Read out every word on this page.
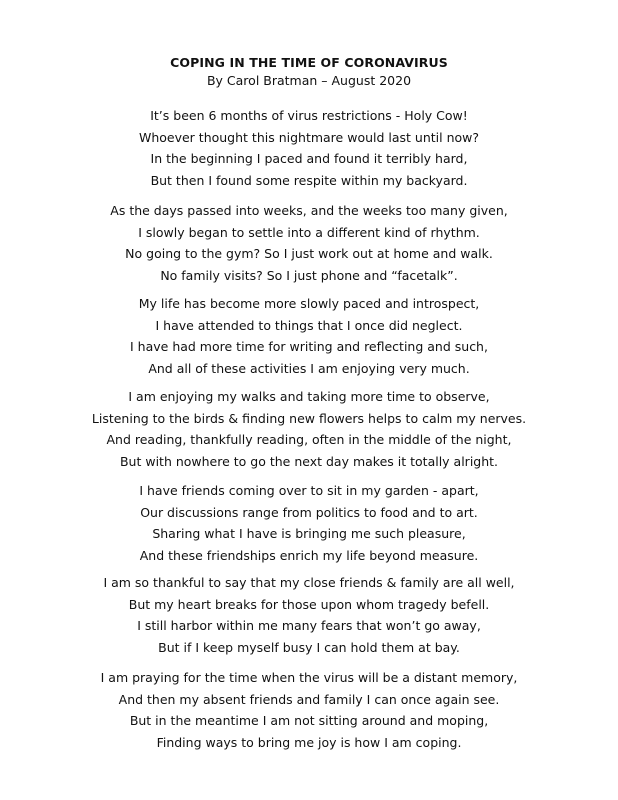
COPING IN THE TIME OF CORONAVIRUS
By Carol Bratman – August 2020
It’s been 6 months of virus restrictions - Holy Cow!
Whoever thought this nightmare would last until now?
In the beginning I paced and found it terribly hard,
But then I found some respite within my backyard.
As the days passed into weeks, and the weeks too many given,
I slowly began to settle into a different kind of rhythm.
No going to the gym? So I just work out at home and walk.
No family visits? So I just phone and “facetalk”.
My life has become more slowly paced and introspect,
I have attended to things that I once did neglect.
I have had more time for writing and reflecting and such,
And all of these activities I am enjoying very much.
I am enjoying my walks and taking more time to observe,
Listening to the birds & finding new flowers helps to calm my nerves.
And reading, thankfully reading, often in the middle of the night,
But with nowhere to go the next day makes it totally alright.
I have friends coming over to sit in my garden - apart,
Our discussions range from politics to food and to art.
Sharing what I have is bringing me such pleasure,
And these friendships enrich my life beyond measure.
I am so thankful to say that my close friends & family are all well,
But my heart breaks for those upon whom tragedy befell.
I still harbor within me many fears that won’t go away,
But if I keep myself busy I can hold them at bay.
I am praying for the time when the virus will be a distant memory,
And then my absent friends and family I can once again see.
But in the meantime I am not sitting around and moping,
Finding ways to bring me joy is how I am coping.
